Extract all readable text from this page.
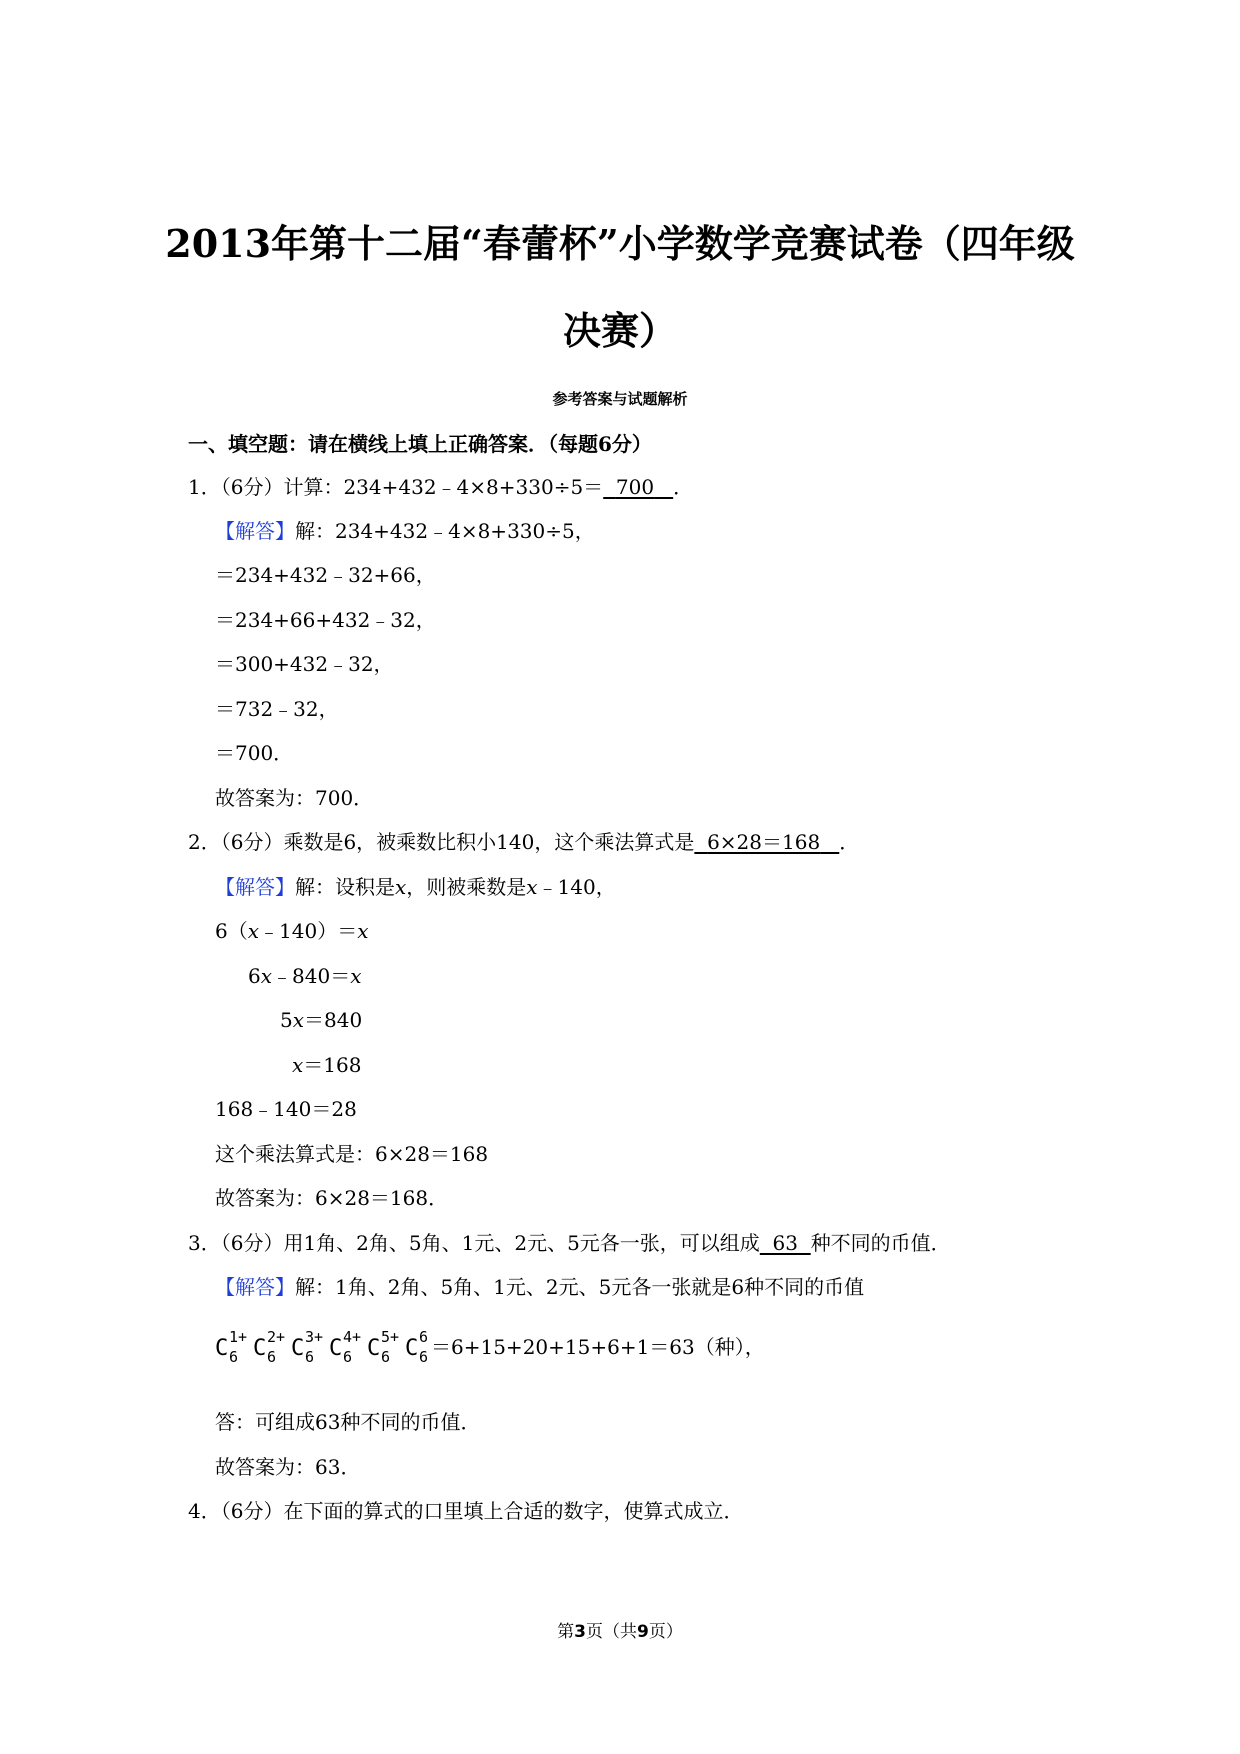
2013年第十二届“春蕾杯”小学数学竞赛试卷（四年级
决赛）
参考答案与试题解析
一、填空题：请在横线上填上正确答案．（每题6分）
1．（6分）计算：234+432﹣4×8+330÷5＝ 700 ．
【解答】解：234+432﹣4×8+330÷5，
＝234+432﹣32+66，
＝234+66+432﹣32，
＝300+432﹣32，
＝732﹣32，
＝700．
故答案为：700．
2．（6分）乘数是6，被乘数比积小140，这个乘法算式是 6×28＝168 ．
【解答】解：设积是x，则被乘数是x﹣140，
6（x﹣140）＝x
6x﹣840＝x
5x＝840
x＝168
168﹣140＝28
这个乘法算式是：6×28＝168
故答案为：6×28＝168．
3．（6分）用1角、2角、5角、1元、2元、5元各一张，可以组成 63 种不同的币值．
【解答】解：1角、2角、5角、1元、2元、5元各一张就是6种不同的币值
C 1+
6 C 2+
6 C 3+
6 C 4+
6 C 5+
6 C 6
6 ＝6+15+20+15+6+1＝63（种），
答：可组成63种不同的币值．
故答案为：63．
4．（6分）在下面的算式的口里填上合适的数字，使算式成立．
第3页（共9页）
